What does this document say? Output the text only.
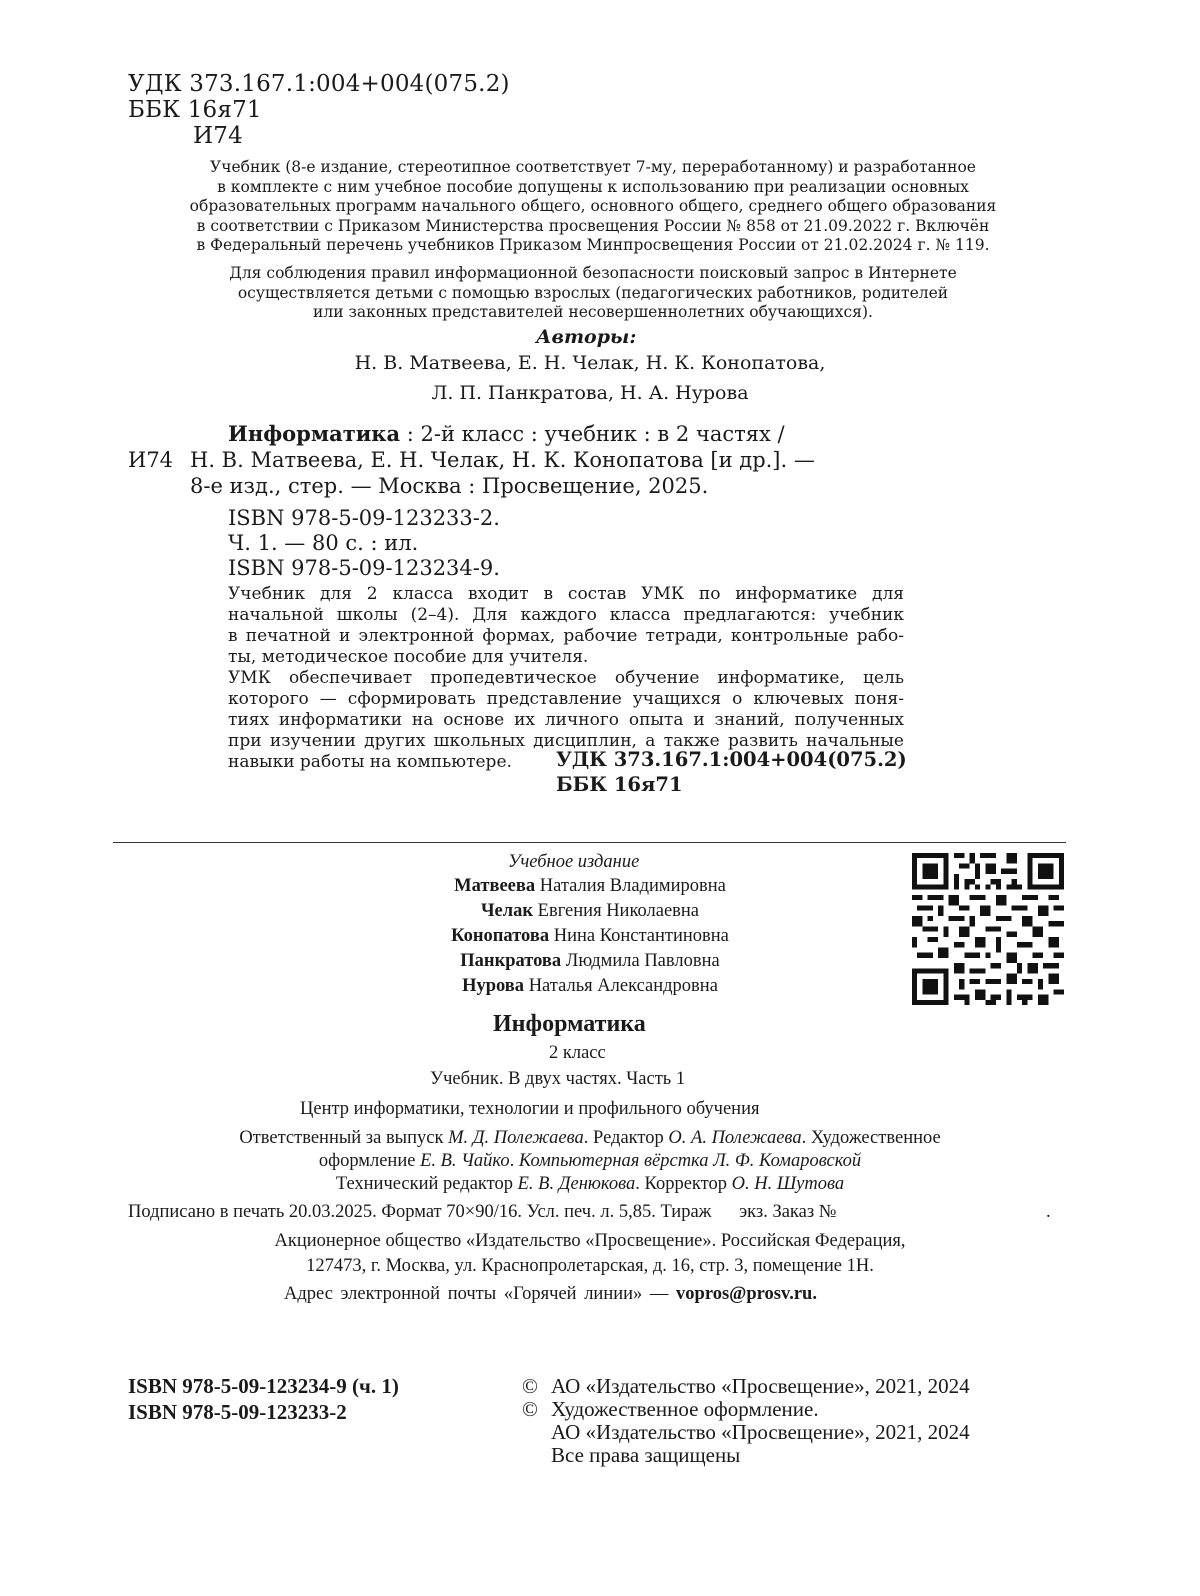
УДК 373.167.1:004+004(075.2)
ББК 16я71
И74
Учебник (8-е издание, стереотипное соответствует 7-му, переработанному) и разработанное
в комплекте с ним учебное пособие допущены к использованию при реализации основных
образовательных программ начального общего, основного общего, среднего общего образования
в соответствии с Приказом Министерства просвещения России № 858 от 21.09.2022 г. Включён
в Федеральный перечень учебников Приказом Минпросвещения России от 21.02.2024 г. № 119.
Для соблюдения правил информационной безопасности поисковый запрос в Интернете
осуществляется детьми с помощью взрослых (педагогических работников, родителей
или законных представителей несовершеннолетних обучающихся).
Авторы:
Н. В. Матвеева, Е. Н. Челак, Н. К. Конопатова,
Л. П. Панкратова, Н. А. Нурова
Информатика : 2-й класс : учебник : в 2 частях /
И74 Н. В. Матвеева, Е. Н. Челак, Н. К. Конопатова [и др.]. —
8-е изд., стер. — Москва : Просвещение, 2025.
ISBN 978-5-09-123233-2.
Ч. 1. — 80 с. : ил.
ISBN 978-5-09-123234-9.
Учебник для 2 класса входит в состав УМК по информатике для
начальной школы (2–4). Для каждого класса предлагаются: учебник
в печатной и электронной формах, рабочие тетради, контрольные рабо-
ты, методическое пособие для учителя.
УМК обеспечивает пропедевтическое обучение информатике, цель
которого — сформировать представление учащихся о ключевых поня-
тиях информатики на основе их личного опыта и знаний, полученных
при изучении других школьных дисциплин, а также развить начальные
навыки работы на компьютере.	УДК 373.167.1:004+004(075.2)
ББК 16я71
Учебное издание
Матвеева Наталия Владимировна
Челак Евгения Николаевна
Конопатова Нина Константиновна
Панкратова Людмила Павловна
Нурова Наталья Александровна
Информатика
2 класс
Учебник. В двух частях. Часть 1
Центр информатики, технологии и профильного обучения
Ответственный за выпуск М. Д. Полежаева. Редактор О. А. Полежаева. Художественное
оформление Е. В. Чайко. Компьютерная вёрстка Л. Ф. Комаровской
Технический редактор Е. В. Денюкова. Корректор О. Н. Шутова
Подписано в печать 20.03.2025. Формат 70×90/16. Усл. печ. л. 5,85. Тираж      экз. Заказ №	.
Акционерное общество «Издательство «Просвещение». Российская Федерация,
127473, г. Москва, ул. Краснопролетарская, д. 16, стр. 3, помещение 1Н.
Адрес электронной почты «Горячей линии» — vopros@prosv.ru.
ISBN 978-5-09-123234-9 (ч. 1)
ISBN 978-5-09-123233-2
© АО «Издательство «Просвещение», 2021, 2024
© Художественное оформление.
АО «Издательство «Просвещение», 2021, 2024
Все права защищены
